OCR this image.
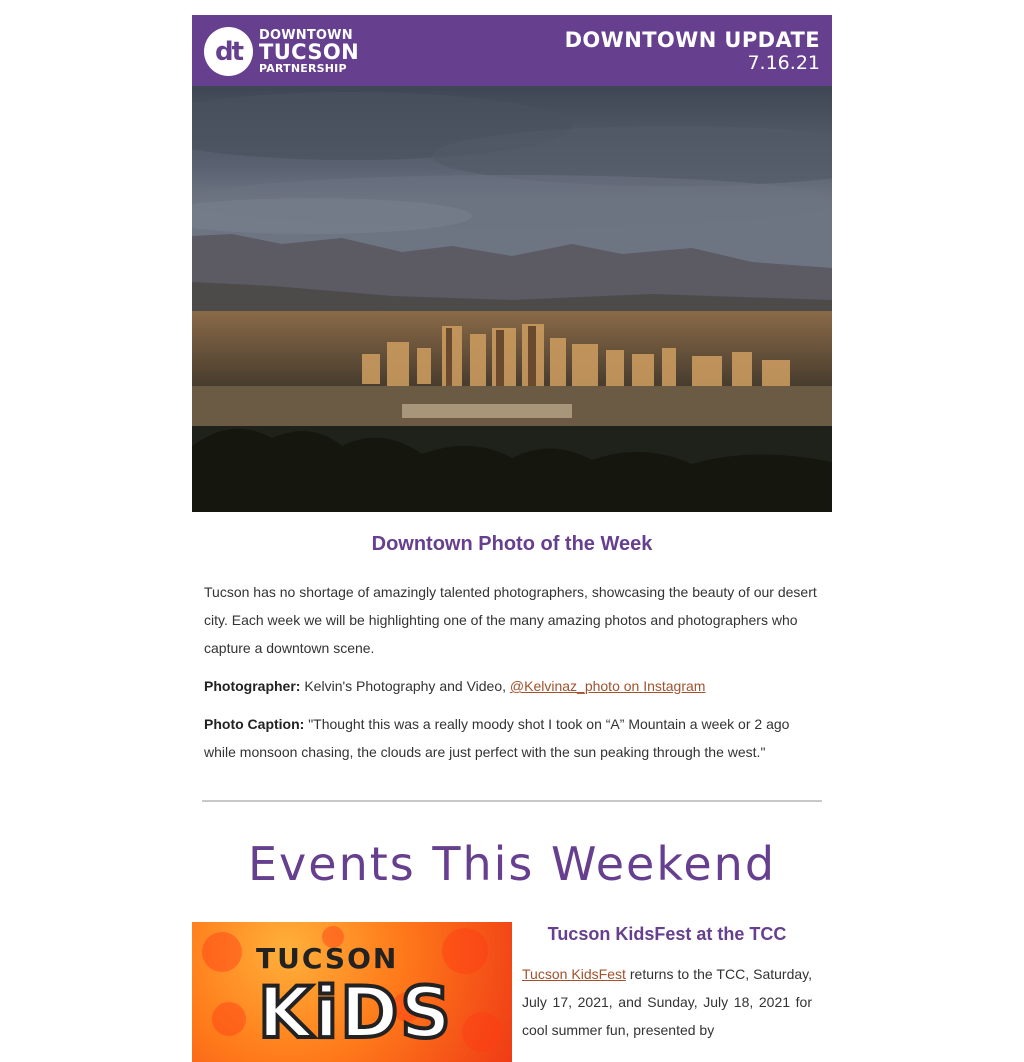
dt
DOWNTOWN
TUCSON
PARTNERSHIP
DOWNTOWN UPDATE
7.16.21
Downtown Photo of the Week

Tucson has no shortage of amazingly talented photographers, showcasing the beauty of our desert city. Each week we will be highlighting one of the many amazing photos and photographers who capture a downtown scene.

Photographer: Kelvin's Photography and Video, @Kelvinaz_photo on Instagram

Photo Caption: "Thought this was a really moody shot I took on “A” Mountain a week or 2 ago while monsoon chasing, the clouds are just perfect with the sun peaking through the west."

Events This Weekend
TUCSON
KiDS
Tucson KidsFest at the TCC

Tucson KidsFest returns to the TCC, Saturday, July 17, 2021, and Sunday, July 18, 2021 for cool summer fun, presented by
